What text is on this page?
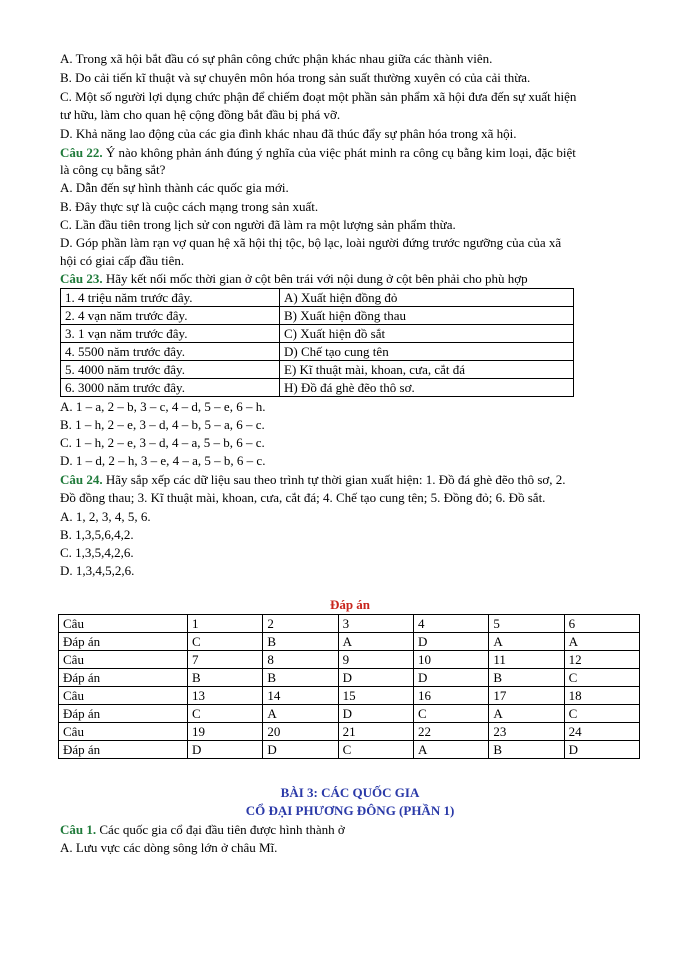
A. Trong xã hội bắt đầu có sự phân công chức phận khác nhau giữa các thành viên.
B. Do cải tiến kĩ thuật và sự chuyên môn hóa trong sản suất thường xuyên có của cải thừa.
C. Một số người lợi dụng chức phận để chiếm đoạt một phần sản phẩm xã hội đưa đến sự xuất hiện
tư hữu, làm cho quan hệ cộng đồng bắt đầu bị phá vỡ.
D. Khả năng lao động của các gia đình khác nhau đã thúc đẩy sự phân hóa trong xã hội.
Câu 22. Ý nào không phản ánh đúng ý nghĩa của việc phát minh ra công cụ bằng kim loại, đặc biệt
là công cụ bằng sắt?
A. Dẫn đến sự hình thành các quốc gia mới.
B. Đây thực sự là cuộc cách mạng trong sản xuất.
C. Lần đầu tiên trong lịch sử con người đã làm ra một lượng sản phẩm thừa.
D. Góp phần làm rạn vợ quan hệ xã hội thị tộc, bộ lạc, loài người đứng trước ngưỡng của của xã
hội có giai cấp đầu tiên.
Câu 23. Hãy kết nối mốc thời gian ở cột bên trái với nội dung ở cột bên phải cho phù hợp
1. 4 triệu năm trước đây.	A) Xuất hiện đồng đỏ
2. 4 vạn năm trước đây.	B) Xuất hiện đồng thau
3. 1 vạn năm trước đây.	C) Xuất hiện đồ sắt
4. 5500 năm trước đây.	D) Chế tạo cung tên
5. 4000 năm trước đây.	E) Kĩ thuật mài, khoan, cưa, cắt đá
6. 3000 năm trước đây.	H) Đồ đá ghè đẽo thô sơ.
A. 1 – a, 2 – b, 3 – c, 4 – d, 5 – e, 6 – h.
B. 1 – h, 2 – e, 3 – d, 4 – b, 5 – a, 6 – c.
C. 1 – h, 2 – e, 3 – d, 4 – a, 5 – b, 6 – c.
D. 1 – d, 2 – h, 3 – e, 4 – a, 5 – b, 6 – c.
Câu 24. Hãy sắp xếp các dữ liệu sau theo trình tự thời gian xuất hiện: 1. Đồ đá ghè đẽo thô sơ, 2.
Đồ đồng thau; 3. Kĩ thuật mài, khoan, cưa, cắt đá; 4. Chế tạo cung tên; 5. Đồng đỏ; 6. Đồ sắt.
A. 1, 2, 3, 4, 5, 6.
B. 1,3,5,6,4,2.
C. 1,3,5,4,2,6.
D. 1,3,4,5,2,6.
Đáp án
Câu	1	2	3	4	5	6
Đáp án	C	B	A	D	A	A
Câu	7	8	9	10	11	12
Đáp án	B	B	D	D	B	C
Câu	13	14	15	16	17	18
Đáp án	C	A	D	C	A	C
Câu	19	20	21	22	23	24
Đáp án	D	D	C	A	B	D
BÀI 3: CÁC QUỐC GIA
CỔ ĐẠI PHƯƠNG ĐÔNG (PHẦN 1)
Câu 1. Các quốc gia cổ đại đầu tiên được hình thành ở
A. Lưu vực các dòng sông lớn ở châu Mĩ.
